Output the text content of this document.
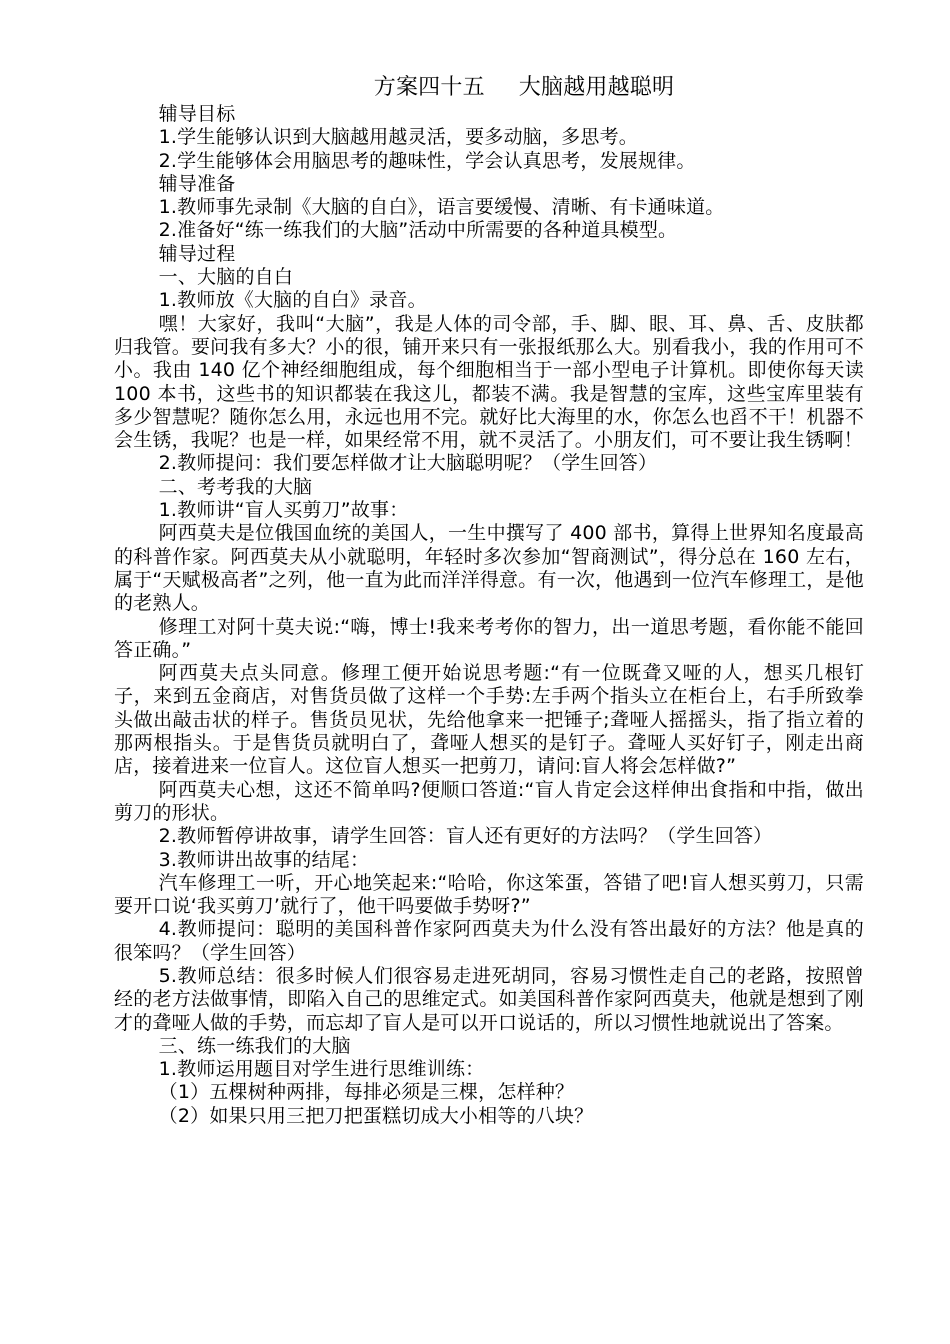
方案四十五 大脑越用越聪明
辅导目标
1.学生能够认识到大脑越用越灵活，要多动脑，多思考。
2.学生能够体会用脑思考的趣味性，学会认真思考，发展规律。
辅导准备
1.教师事先录制《大脑的自白》，语言要缓慢、清晰、有卡通味道。
2.准备好“练一练我们的大脑”活动中所需要的各种道具模型。
辅导过程
一、大脑的自白
1.教师放《大脑的自白》录音。

嘿！大家好，我叫“大脑”，我是人体的司令部，手、脚、眼、耳、鼻、舌、皮肤都归我管。要问我有多大？小的很，铺开来只有一张报纸那么大。别看我小，我的作用可不小。我由 140 亿个神经细胞组成，每个细胞相当于一部小型电子计算机。即使你每天读 100 本书，这些书的知识都装在我这儿，都装不满。我是智慧的宝库，这些宝库里装有多少智慧呢？随你怎么用，永远也用不完。就好比大海里的水，你怎么也舀不干！机器不会生锈，我呢？也是一样，如果经常不用，就不灵活了。小朋友们，可不要让我生锈啊！

2.教师提问：我们要怎样做才让大脑聪明呢？（学生回答）
二、考考我的大脑
1.教师讲“盲人买剪刀”故事：

阿西莫夫是位俄国血统的美国人，一生中撰写了 400 部书，算得上世界知名度最高的科普作家。阿西莫夫从小就聪明，年轻时多次参加“智商测试”，得分总在 160 左右，属于“天赋极高者”之列，他一直为此而洋洋得意。有一次，他遇到一位汽车修理工，是他的老熟人。

修理工对阿十莫夫说:“嗨，博士!我来考考你的智力，出一道思考题，看你能不能回答正确。”

阿西莫夫点头同意。修理工便开始说思考题:“有一位既聋又哑的人，想买几根钉子，来到五金商店，对售货员做了这样一个手势:左手两个指头立在柜台上，右手所致拳头做出敲击状的样子。售货员见状，先给他拿来一把锤子;聋哑人摇摇头，指了指立着的那两根指头。于是售货员就明白了，聋哑人想买的是钉子。聋哑人买好钉子，刚走出商店，接着进来一位盲人。这位盲人想买一把剪刀，请问:盲人将会怎样做?”

阿西莫夫心想，这还不简单吗?便顺口答道:“盲人肯定会这样伸出食指和中指，做出剪刀的形状。

2.教师暂停讲故事，请学生回答：盲人还有更好的方法吗？（学生回答）
3.教师讲出故事的结尾：

汽车修理工一听，开心地笑起来:“哈哈，你这笨蛋，答错了吧!盲人想买剪刀，只需要开口说‘我买剪刀’就行了，他干吗要做手势呀?”

4.教师提问：聪明的美国科普作家阿西莫夫为什么没有答出最好的方法？他是真的很笨吗？（学生回答）

5.教师总结：很多时候人们很容易走进死胡同，容易习惯性走自己的老路，按照曾经的老方法做事情，即陷入自己的思维定式。如美国科普作家阿西莫夫，他就是想到了刚才的聋哑人做的手势，而忘却了盲人是可以开口说话的，所以习惯性地就说出了答案。

三、练一练我们的大脑
1.教师运用题目对学生进行思维训练：
（1）五棵树种两排，每排必须是三棵，怎样种？
（2）如果只用三把刀把蛋糕切成大小相等的八块？
